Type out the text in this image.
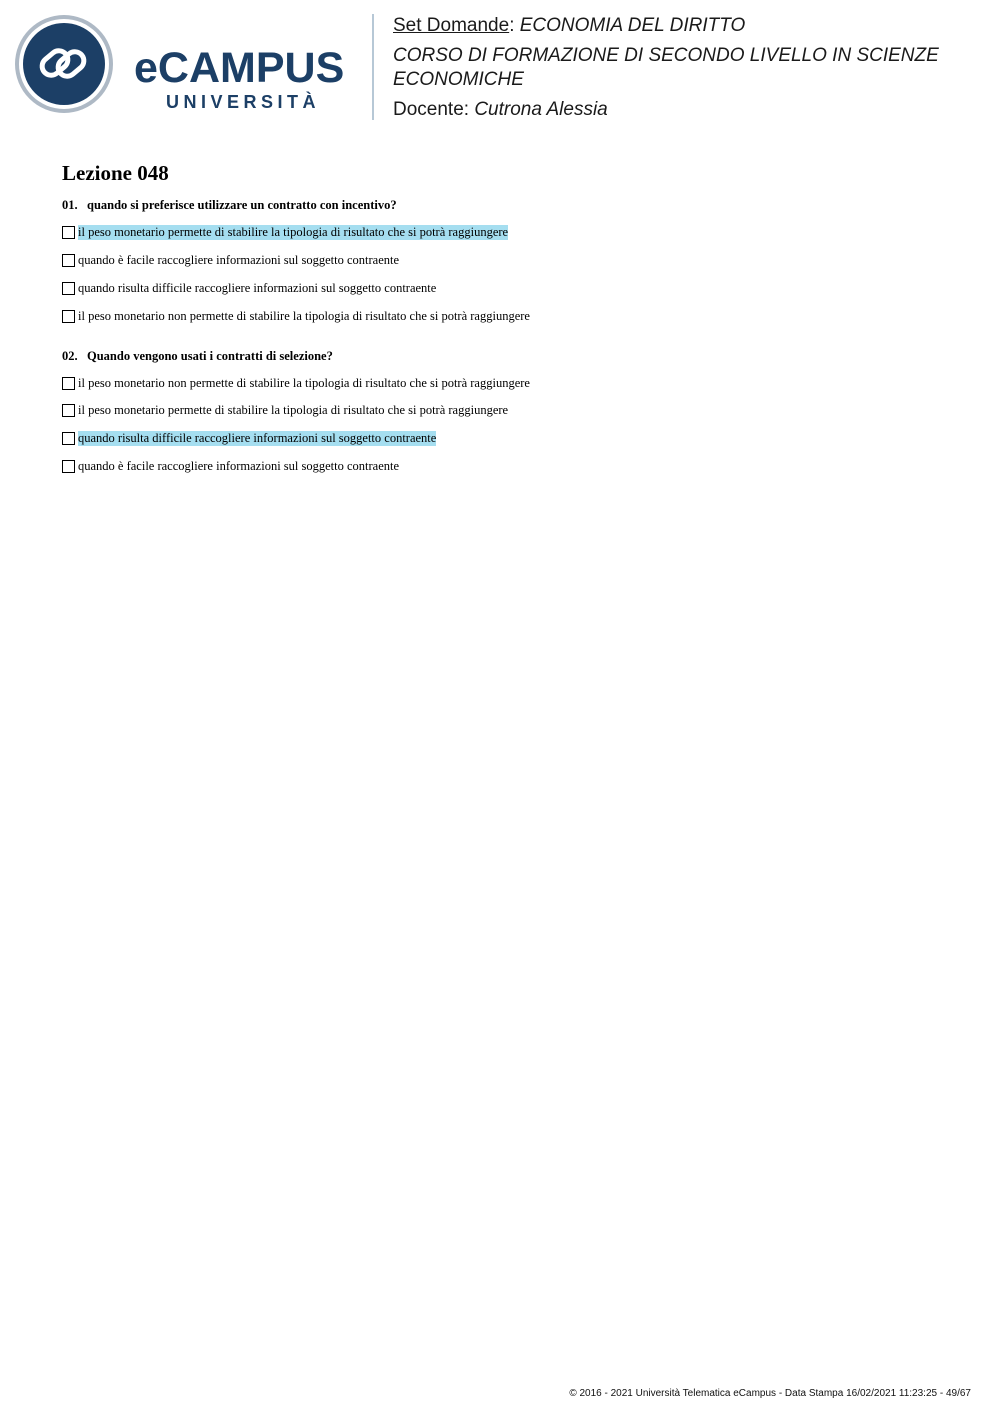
eCAMPUS
UNIVERSITÀ
Set Domande: ECONOMIA DEL DIRITTO
CORSO DI FORMAZIONE DI SECONDO LIVELLO IN SCIENZE
ECONOMICHE
Docente: Cutrona Alessia
Lezione 048
01. quando si preferisce utilizzare un contratto con incentivo?
il peso monetario permette di stabilire la tipologia di risultato che si potrà raggiungere
quando è facile raccogliere informazioni sul soggetto contraente
quando risulta difficile raccogliere informazioni sul soggetto contraente
il peso monetario non permette di stabilire la tipologia di risultato che si potrà raggiungere
02. Quando vengono usati i contratti di selezione?
il peso monetario non permette di stabilire la tipologia di risultato che si potrà raggiungere
il peso monetario permette di stabilire la tipologia di risultato che si potrà raggiungere
quando risulta difficile raccogliere informazioni sul soggetto contraente
quando è facile raccogliere informazioni sul soggetto contraente
© 2016 - 2021 Università Telematica eCampus - Data Stampa 16/02/2021 11:23:25 - 49/67
